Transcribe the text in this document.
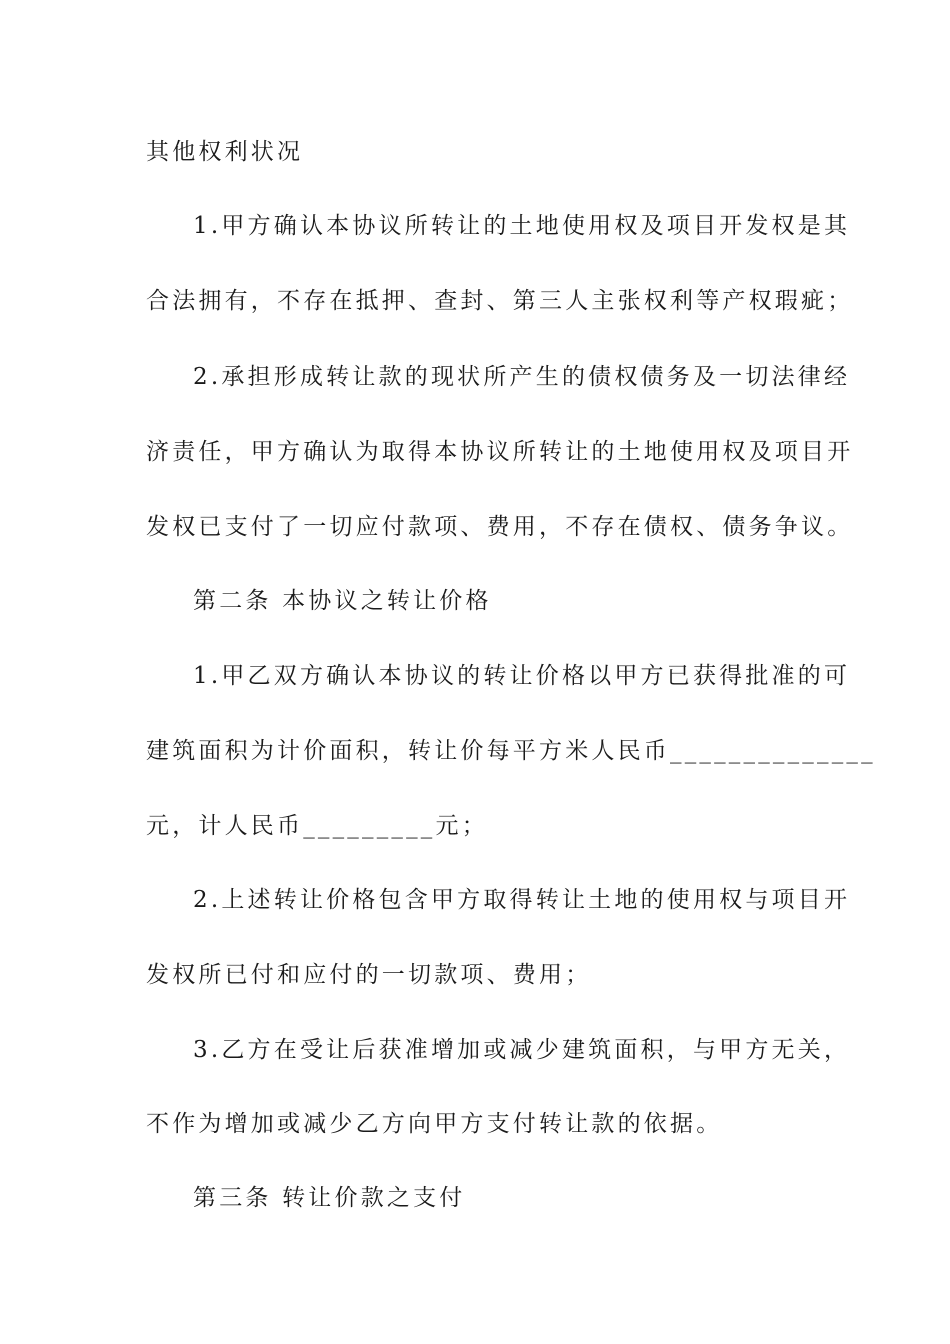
其他权利状况
1.甲方确认本协议所转让的土地使用权及项目开发权是其
合法拥有，不存在抵押、查封、第三人主张权利等产权瑕疵；
2.承担形成转让款的现状所产生的债权债务及一切法律经
济责任，甲方确认为取得本协议所转让的土地使用权及项目开
发权已支付了一切应付款项、费用，不存在债权、债务争议。
第二条 本协议之转让价格
1.甲乙双方确认本协议的转让价格以甲方已获得批准的可
建筑面积为计价面积，转让价每平方米人民币______________
元，计人民币_________元；
2.上述转让价格包含甲方取得转让土地的使用权与项目开
发权所已付和应付的一切款项、费用；
3.乙方在受让后获准增加或减少建筑面积，与甲方无关，
不作为增加或减少乙方向甲方支付转让款的依据。
第三条 转让价款之支付
